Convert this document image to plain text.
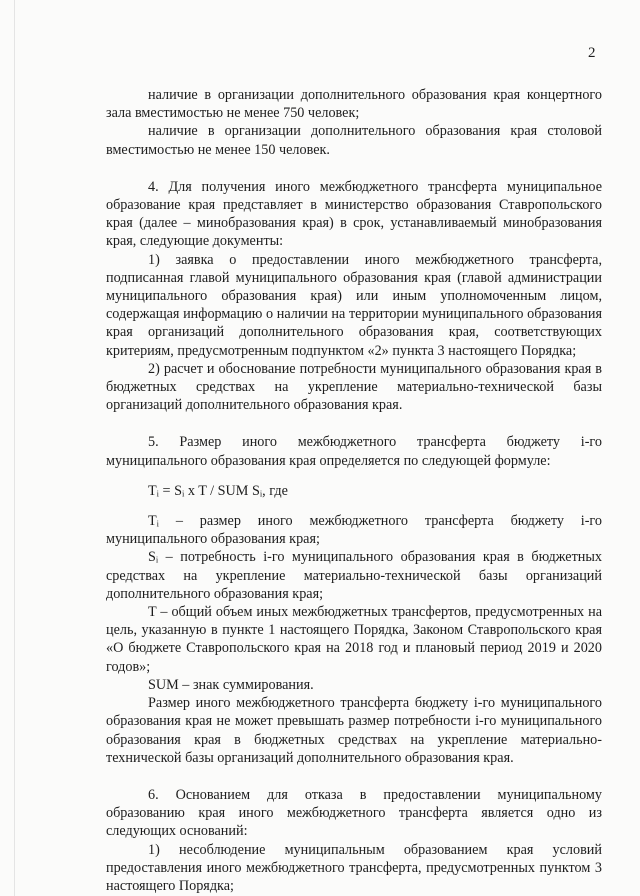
2

наличие в организации дополнительного образования края концертного зала вместимостью не менее 750 человек;

наличие в организации дополнительного образования края столовой вместимостью не менее 150 человек.

4. Для получения иного межбюджетного трансферта муниципальное образование края представляет в министерство образования Ставропольского края (далее – минобразования края) в срок, устанавливаемый минобразования края, следующие документы:

1) заявка о предоставлении иного межбюджетного трансферта, подписанная главой муниципального образования края (главой администрации муниципального образования края) или иным уполномоченным лицом, содержащая информацию о наличии на территории муниципального образования края организаций дополнительного образования края, соответствующих критериям, предусмотренным подпунктом «2» пункта 3 настоящего Порядка;

2) расчет и обоснование потребности муниципального образования края в бюджетных средствах на укрепление материально-технической базы организаций дополнительного образования края.

5. Размер иного межбюджетного трансферта бюджету i-го муниципального образования края определяется по следующей формуле:

Tᵢ = Sᵢ x T / SUM Sᵢ, где

Tᵢ – размер иного межбюджетного трансферта бюджету i-го муниципального образования края;

Sᵢ – потребность i-го муниципального образования края в бюджетных средствах на укрепление материально-технической базы организаций дополнительного образования края;

T – общий объем иных межбюджетных трансфертов, предусмотренных на цель, указанную в пункте 1 настоящего Порядка, Законом Ставропольского края «О бюджете Ставропольского края на 2018 год и плановый период 2019 и 2020 годов»;

SUM – знак суммирования.

Размер иного межбюджетного трансферта бюджету i-го муниципального образования края не может превышать размер потребности i-го муниципального образования края в бюджетных средствах на укрепление материально-технической базы организаций дополнительного образования края.

6. Основанием для отказа в предоставлении муниципальному образованию края иного межбюджетного трансферта является одно из следующих оснований:

1) несоблюдение муниципальным образованием края условий предоставления иного межбюджетного трансферта, предусмотренных пунктом 3 настоящего Порядка;
